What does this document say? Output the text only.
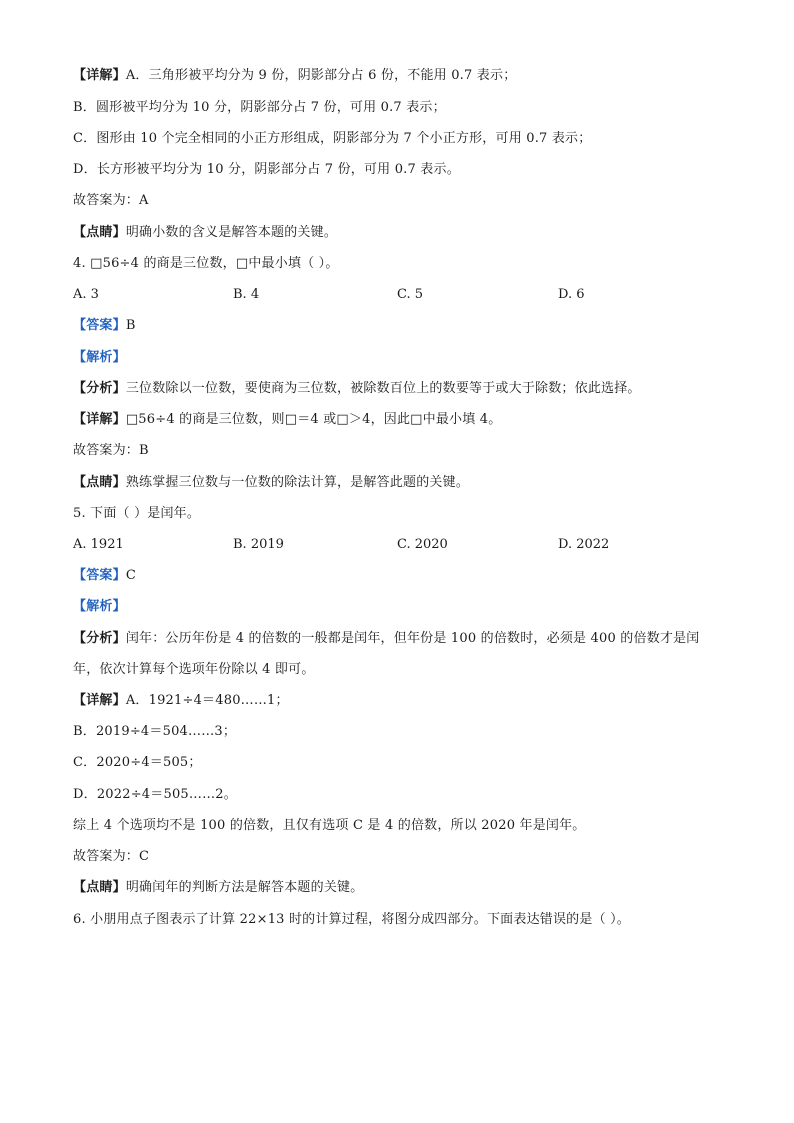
【详解】A．三角形被平均分为 9 份，阴影部分占 6 份，不能用 0.7 表示；
B．圆形被平均分为 10 分，阴影部分占 7 份，可用 0.7 表示；
C．图形由 10 个完全相同的小正方形组成，阴影部分为 7 个小正方形，可用 0.7 表示；
D．长方形被平均分为 10 分，阴影部分占 7 份，可用 0.7 表示。
故答案为：A
【点睛】明确小数的含义是解答本题的关键。
4. □56÷4 的商是三位数，□中最小填（ ）。
A. 3	B. 4	C. 5	D. 6
【答案】B
【解析】
【分析】三位数除以一位数，要使商为三位数，被除数百位上的数要等于或大于除数；依此选择。
【详解】□56÷4 的商是三位数，则□＝4 或□＞4，因此□中最小填 4。
故答案为：B
【点睛】熟练掌握三位数与一位数的除法计算，是解答此题的关键。
5. 下面（ ）是闰年。
A. 1921	B. 2019	C. 2020	D. 2022
【答案】C
【解析】
【分析】闰年：公历年份是 4 的倍数的一般都是闰年，但年份是 100 的倍数时，必须是 400 的倍数才是闰
年，依次计算每个选项年份除以 4 即可。
【详解】A．1921÷4＝480……1；
B．2019÷4＝504……3；
C．2020÷4＝505；
D．2022÷4＝505……2。
综上 4 个选项均不是 100 的倍数，且仅有选项 C 是 4 的倍数，所以 2020 年是闰年。
故答案为：C
【点睛】明确闰年的判断方法是解答本题的关键。
6. 小朋用点子图表示了计算 22×13 时的计算过程，将图分成四部分。下面表达错误的是（ ）。
